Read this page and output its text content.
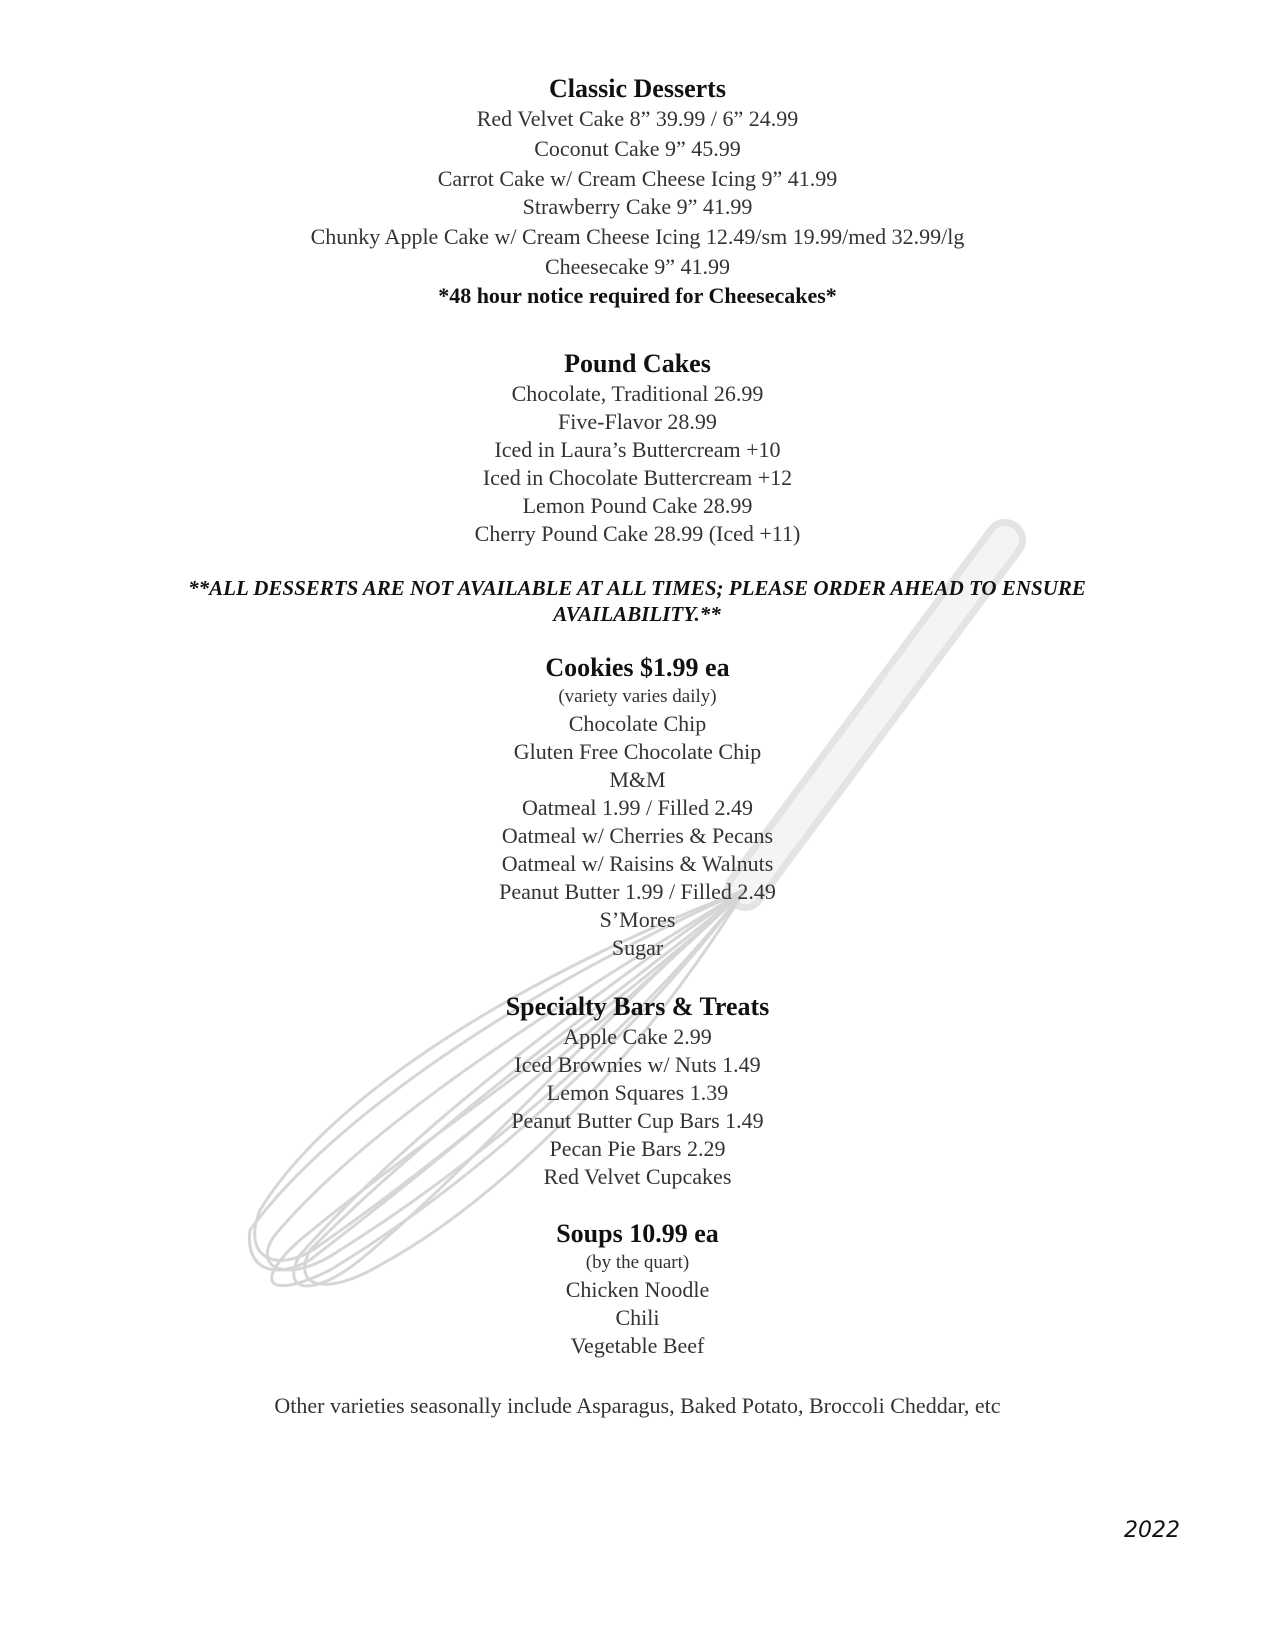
Classic Desserts
Red Velvet Cake 8” 39.99 / 6” 24.99
Coconut Cake 9” 45.99
Carrot Cake w/ Cream Cheese Icing 9” 41.99
Strawberry Cake 9” 41.99
Chunky Apple Cake w/ Cream Cheese Icing 12.49/sm 19.99/med 32.99/lg
Cheesecake 9” 41.99
*48 hour notice required for Cheesecakes*
Pound Cakes
Chocolate, Traditional 26.99
Five-Flavor 28.99
Iced in Laura’s Buttercream +10
Iced in Chocolate Buttercream +12
Lemon Pound Cake 28.99
Cherry Pound Cake 28.99 (Iced +11)
**ALL DESSERTS ARE NOT AVAILABLE AT ALL TIMES; PLEASE ORDER AHEAD TO ENSURE AVAILABILITY.**
Cookies $1.99 ea
(variety varies daily)
Chocolate Chip
Gluten Free Chocolate Chip
M&M
Oatmeal 1.99 / Filled 2.49
Oatmeal w/ Cherries & Pecans
Oatmeal w/ Raisins & Walnuts
Peanut Butter 1.99 / Filled 2.49
S’Mores
Sugar
Specialty Bars & Treats
Apple Cake 2.99
Iced Brownies w/ Nuts 1.49
Lemon Squares 1.39
Peanut Butter Cup Bars 1.49
Pecan Pie Bars 2.29
Red Velvet Cupcakes
Soups 10.99 ea
(by the quart)
Chicken Noodle
Chili
Vegetable Beef
Other varieties seasonally include Asparagus, Baked Potato, Broccoli Cheddar, etc
2022
